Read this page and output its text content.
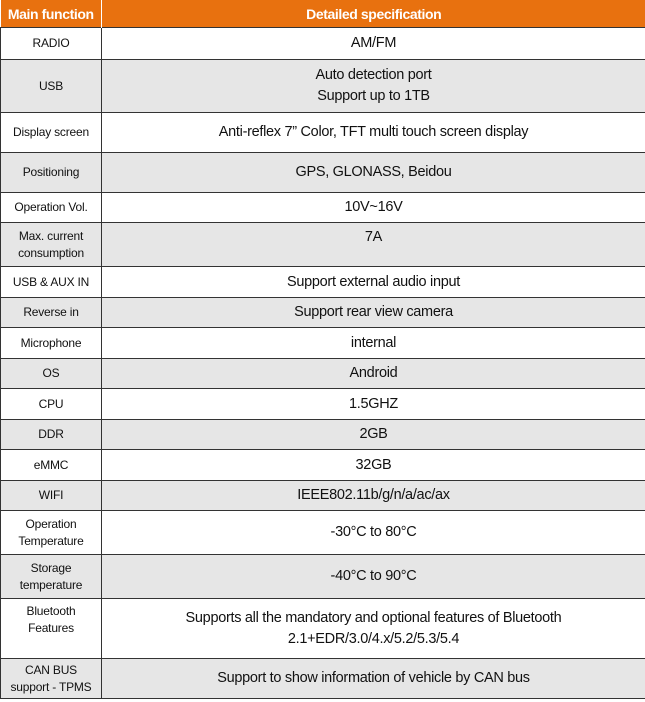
Main function	Detailed specification

RADIO	AM/FM

USB	Auto detection port
Support up to 1TB

Display screen	Anti-reflex 7” Color, TFT multi touch screen display

Positioning	GPS, GLONASS, Beidou

Operation Vol.	10V~16V

Max. current
consumption	7A

USB & AUX IN	Support external audio input

Reverse in	Support rear view camera

Microphone	internal

OS	Android

CPU	1.5GHZ

DDR	2GB

eMMC	32GB

WIFI	IEEE802.11b/g/n/a/ac/ax

Operation
Temperature	-30°C to 80°C

Storage
temperature	-40°C to 90°C

Bluetooth
Features	Supports all the mandatory and optional features of Bluetooth
2.1+EDR/3.0/4.x/5.2/5.3/5.4

CAN BUS
support - TPMS	Support to show information of vehicle by CAN bus
